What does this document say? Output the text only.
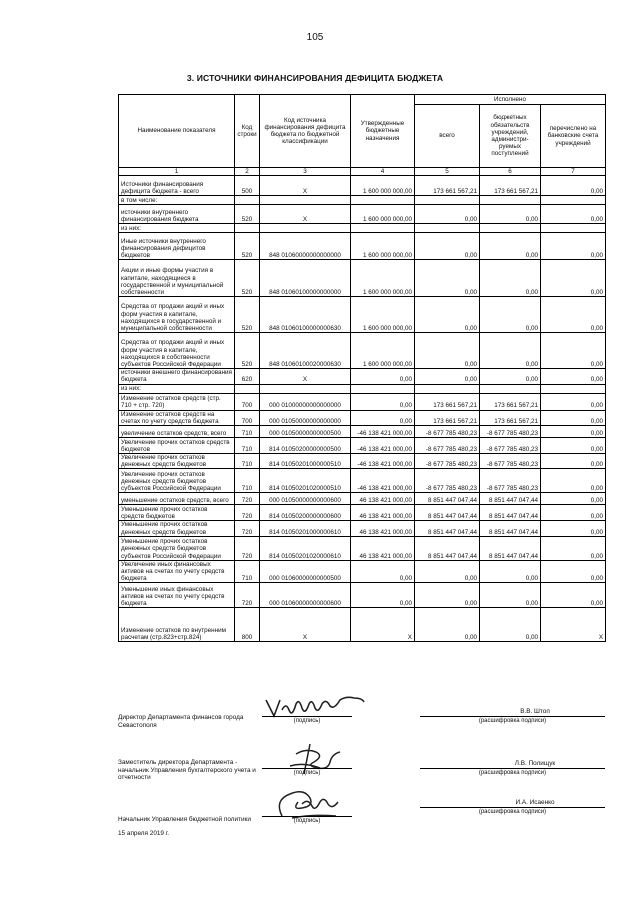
105
3. ИСТОЧНИКИ ФИНАНСИРОВАНИЯ ДЕФИЦИТА БЮДЖЕТА
Наименование показателя	Код строки	Код источника финансирования дефицита бюджета по бюджетной классификации	Утвержденные бюджетные назначения	Исполнено		
				всего	бюджетных обязательств учреждений, администри-руемых поступлений	перечислено на банковские счета учреждений
1	2	3	4	5	6	7
Источники финансирования дефицита бюджета - всего	500	X	1 600 000 000,00	173 661 567,21	173 661 567,21	0,00
в том числе:						
источники внутреннего финансирования бюджета	520	X	1 600 000 000,00	0,00	0,00	0,00
из них:						
Иные источники внутреннего финансирования дефицитов бюджетов	520	848 01060000000000000	1 600 000 000,00	0,00	0,00	0,00
Акции и иные формы участия в капитале, находящиеся в государственной и муниципальной собственности	520	848 01060100000000000	1 600 000 000,00	0,00	0,00	0,00
Средства от продажи акций и иных форм участия в капитале, находящихся в государственной и муниципальной собственности	520	848 01060100000000630	1 600 000 000,00	0,00	0,00	0,00
Средства от продажи акций и иных форм участия в капитале, находящихся в собственности субъектов Российской Федерации	520	848 01060100020000630	1 600 000 000,00	0,00	0,00	0,00
источники внешнего финансирования бюджета	620	X	0,00	0,00	0,00	0,00
из них:						
Изменение остатков средств (стр. 710 + стр. 720)	700	000 01000000000000000	0,00	173 661 567,21	173 661 567,21	0,00
Изменение остатков средств на счетах по учету средств бюджета	700	000 01050000000000000	0,00	173 661 567,21	173 661 567,21	0,00
увеличение остатков средств, всего	710	000 01050000000000500	-46 138 421 000,00	-8 677 785 480,23	-8 677 785 480,23	0,00
Увеличение прочих остатков средств бюджетов	710	814 01050200000000500	-46 138 421 000,00	-8 677 785 480,23	-8 677 785 480,23	0,00
Увеличение прочих остатков денежных средств бюджетов	710	814 01050201000000510	-46 138 421 000,00	-8 677 785 480,23	-8 677 785 480,23	0,00
Увеличение прочих остатков денежных средств бюджетов субъектов Российской Федерации	710	814 01050201020000510	-46 138 421 000,00	-8 677 785 480,23	-8 677 785 480,23	0,00
уменьшение остатков средств, всего	720	000 01050000000000600	46 138 421 000,00	8 851 447 047,44	8 851 447 047,44	0,00
Уменьшение прочих остатков средств бюджетов	720	814 01050200000000600	46 138 421 000,00	8 851 447 047,44	8 851 447 047,44	0,00
Уменьшение прочих остатков денежных средств бюджетов	720	814 01050201000000610	46 138 421 000,00	8 851 447 047,44	8 851 447 047,44	0,00
Уменьшение прочих остатков денежных средств бюджетов субъектов Российской Федерации	720	814 01050201020000610	46 138 421 000,00	8 851 447 047,44	8 851 447 047,44	0,00
Увеличение иных финансовых активов на счетах по учету средств бюджета	710	000 01060000000000500	0,00	0,00	0,00	0,00
Уменьшение иных финансовых активов на счетах по учету средств бюджета	720	000 01060000000000600	0,00	0,00	0,00	0,00
Изменение остатков по внутренним расчетам (стр.823+стр.824)	800	X	X	0,00	0,00	X
Директор Департамента финансов города Севастополя
(подпись)
В.В. Штоп
(расшифровка подписи)
Заместитель директора Департамента - начальник Управления бухгалтерского учета и отчетности
(подпись)
Л.В. Полищук
(расшифровка подписи)
Начальник Управления бюджетной политики	(подпись)
И.А. Исаенко
(расшифровка подписи)
15 апреля 2019 г.
